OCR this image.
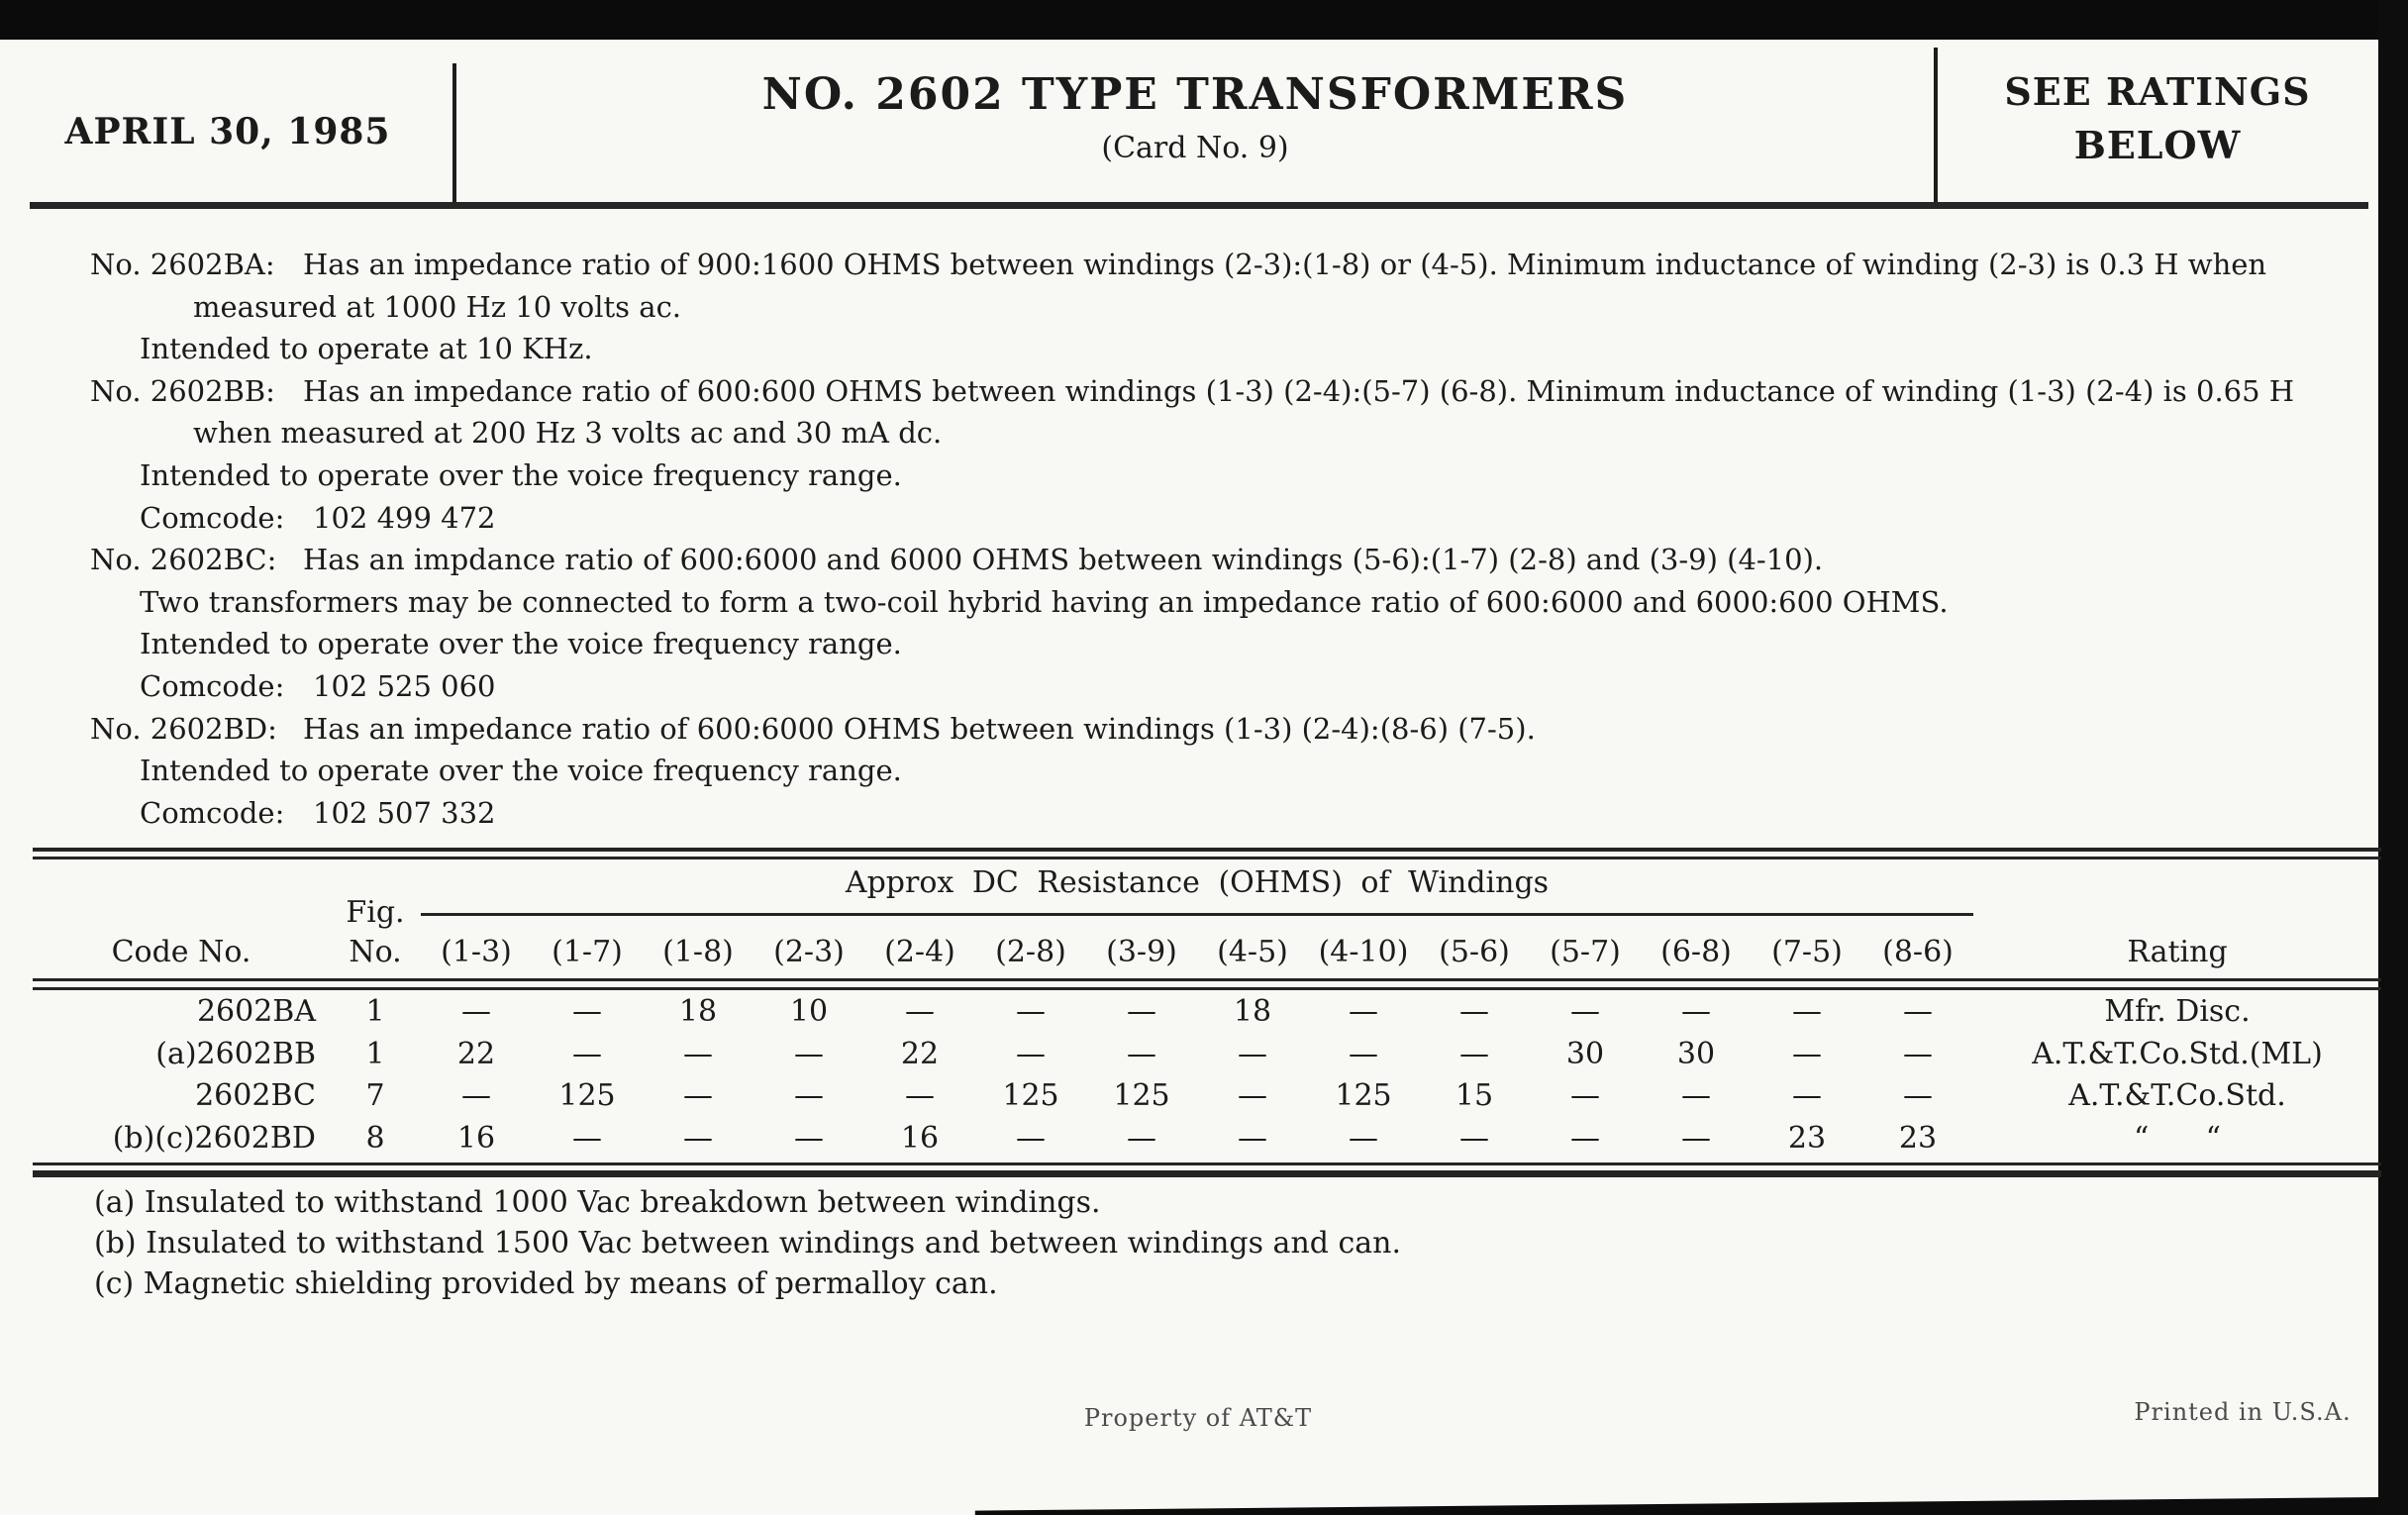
APRIL 30, 1985
NO. 2602 TYPE TRANSFORMERS
(Card No. 9)
SEE RATINGS
BELOW
No. 2602BA: Has an impedance ratio of 900:1600 OHMS between windings (2-3):(1-8) or (4-5). Minimum inductance of winding (2-3) is 0.3 H when
measured at 1000 Hz 10 volts ac.
Intended to operate at 10 KHz.
No. 2602BB: Has an impedance ratio of 600:600 OHMS between windings (1-3) (2-4):(5-7) (6-8). Minimum inductance of winding (1-3) (2-4) is 0.65 H
when measured at 200 Hz 3 volts ac and 30 mA dc.
Intended to operate over the voice frequency range.
Comcode: 102 499 472
No. 2602BC: Has an impdance ratio of 600:6000 and 6000 OHMS between windings (5-6):(1-7) (2-8) and (3-9) (4-10).
Two transformers may be connected to form a two-coil hybrid having an impedance ratio of 600:6000 and 6000:600 OHMS.
Intended to operate over the voice frequency range.
Comcode: 102 525 060
No. 2602BD: Has an impedance ratio of 600:6000 OHMS between windings (1-3) (2-4):(8-6) (7-5).
Intended to operate over the voice frequency range.
Comcode: 102 507 332
Approx DC Resistance (OHMS) of Windings
Code No.
Fig.
No.	(1-3)	(1-7)	(1-8)	(2-3)	(2-4)	(2-8)	(3-9)	(4-5)	(4-10)	(5-6)	(5-7)	(6-8)	(7-5)	(8-6)	Rating
2602BA	1	—	—	18	10	—	—	—	18	—	—	—	—	—	—	Mfr. Disc.
(a)2602BB	1	22	—	—	—	22	—	—	—	—	—	30	30	—	—	A.T.&T.Co.Std.(ML)
2602BC	7	—	125	—	—	—	125	125	—	125	15	—	—	—	—	A.T.&T.Co.Std.
(b)(c)2602BD	8	16	—	—	—	16	—	—	—	—	—	—	—	23	23	“      “
(a) Insulated to withstand 1000 Vac breakdown between windings.
(b) Insulated to withstand 1500 Vac between windings and between windings and can.
(c) Magnetic shielding provided by means of permalloy can.
Property of AT&T	Printed in U.S.A.
